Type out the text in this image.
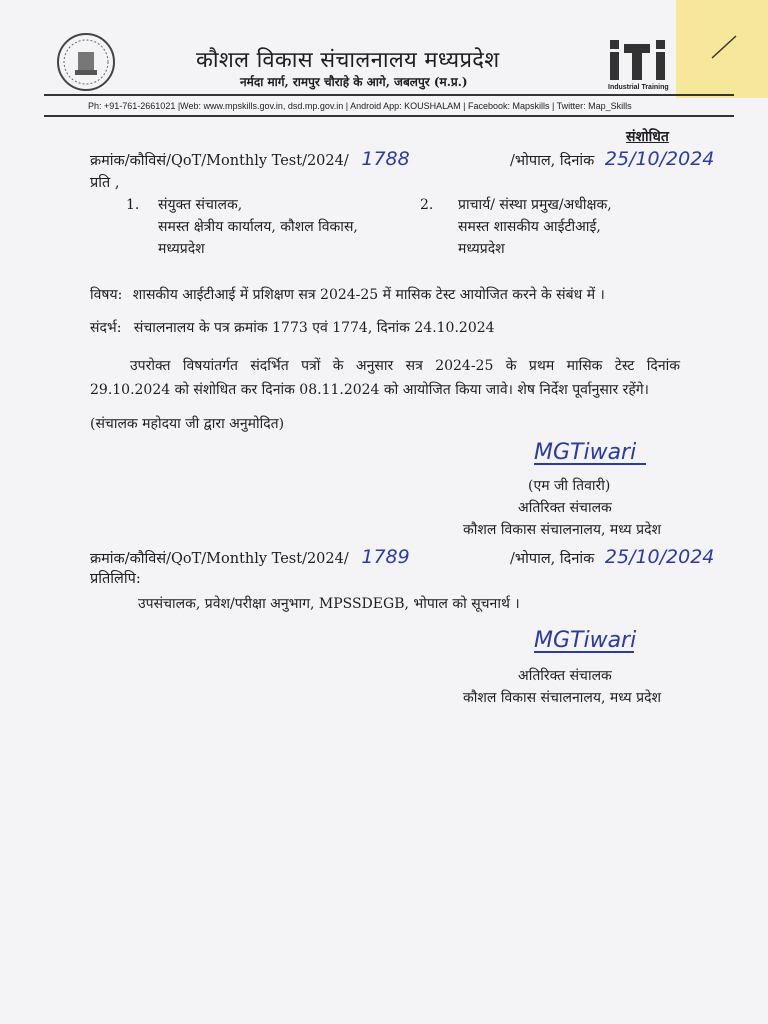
कौशल विकास संचालनालय मध्यप्रदेश
नर्मदा मार्ग, रामपुर चौराहे के आगे, जबलपुर (म.प्र.)	Industrial Training
Ph: +91-761-2661021 |Web: www.mpskills.gov.in, dsd.mp.gov.in | Android App: KOUSHALAM | Facebook: Mapskills | Twitter: Map_Skills
संशोधित
क्रमांक/कौविसं/QoT/Monthly Test/2024/ 1788	/भोपाल, दिनांक 25/10/2024
प्रति ,
1. संयुक्त संचालक,
समस्त क्षेत्रीय कार्यालय, कौशल विकास,
मध्यप्रदेश
2. प्राचार्य/ संस्था प्रमुख/अधीक्षक,
समस्त शासकीय आईटीआई,
मध्यप्रदेश
विषय: शासकीय आईटीआई में प्रशिक्षण सत्र 2024-25 में मासिक टेस्ट आयोजित करने के संबंध में ।
संदर्भ: संचालनालय के पत्र क्रमांक 1773 एवं 1774, दिनांक 24.10.2024
उपरोक्त विषयांतर्गत संदर्भित पत्रों के अनुसार सत्र 2024-25 के प्रथम मासिक टेस्ट दिनांक
29.10.2024 को संशोधित कर दिनांक 08.11.2024 को आयोजित किया जावे। शेष निर्देश पूर्वानुसार रहेंगे।
(संचालक महोदया जी द्वारा अनुमोदित)
MGTiwari
(एम जी तिवारी)
अतिरिक्त संचालक
कौशल विकास संचालनालय, मध्य प्रदेश
क्रमांक/कौविसं/QoT/Monthly Test/2024/ 1789	/भोपाल, दिनांक 25/10/2024
प्रतिलिपि:
उपसंचालक, प्रवेश/परीक्षा अनुभाग, MPSSDEGB, भोपाल को सूचनार्थ ।
MGTiwari
अतिरिक्त संचालक
कौशल विकास संचालनालय, मध्य प्रदेश
